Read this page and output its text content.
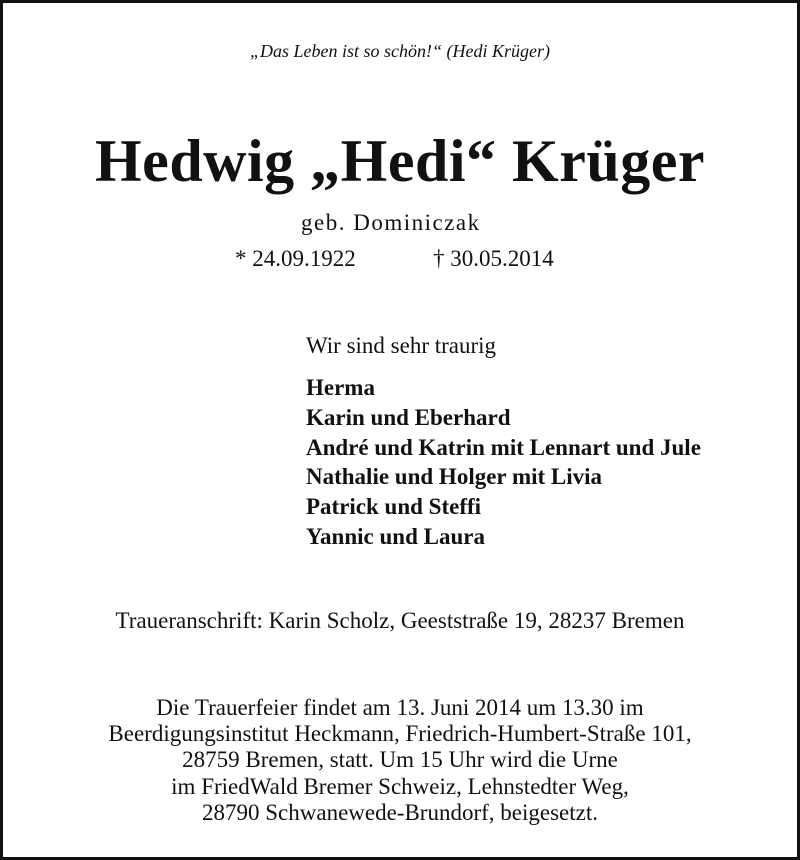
„Das Leben ist so schön!“ (Hedi Krüger)
Hedwig „Hedi“ Krüger
geb. Dominiczak
* 24.09.1922	† 30.05.2014
Wir sind sehr traurig
Herma
Karin und Eberhard
André und Katrin mit Lennart und Jule
Nathalie und Holger mit Livia
Patrick und Steffi
Yannic und Laura
Traueranschrift: Karin Scholz, Geeststraße 19, 28237 Bremen
Die Trauerfeier findet am 13. Juni 2014 um 13.30 im
Beerdigungsinstitut Heckmann, Friedrich-Humbert-Straße 101,
28759 Bremen, statt. Um 15 Uhr wird die Urne
im FriedWald Bremer Schweiz, Lehnstedter Weg,
28790 Schwanewede-Brundorf, beigesetzt.
